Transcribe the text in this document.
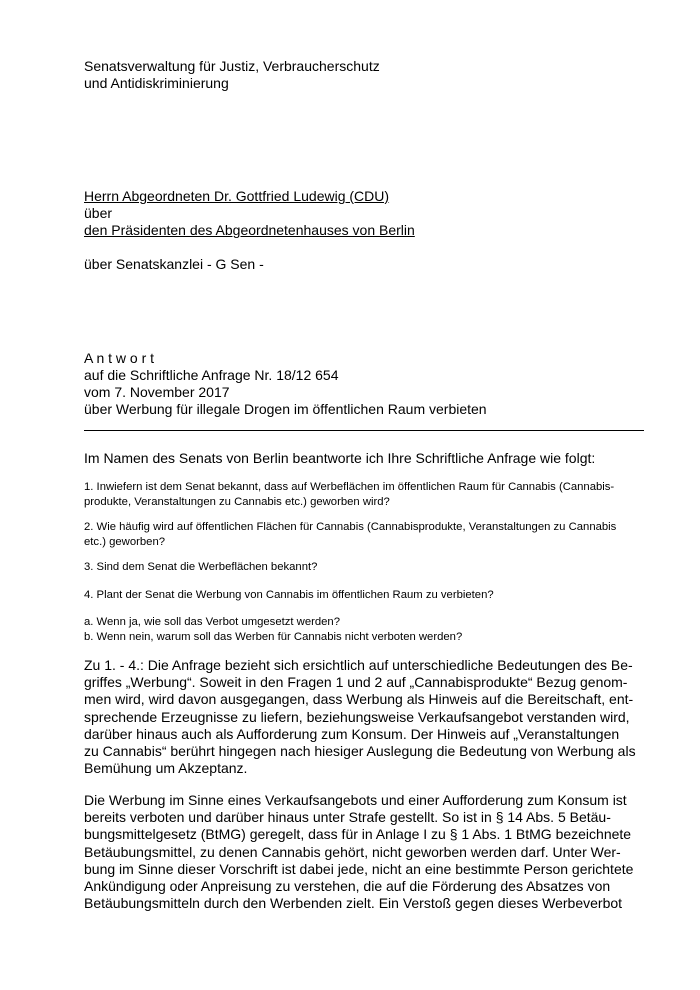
Senatsverwaltung für Justiz, Verbraucherschutz
und Antidiskriminierung

Herrn Abgeordneten Dr. Gottfried Ludewig (CDU)

über

den Präsidenten des Abgeordnetenhauses von Berlin

über Senatskanzlei - G Sen -

A n t w o r t

auf die Schriftliche Anfrage Nr. 18/12 654

vom 7. November 2017

über Werbung für illegale Drogen im öffentlichen Raum verbieten

Im Namen des Senats von Berlin beantworte ich Ihre Schriftliche Anfrage wie folgt:

1. Inwiefern ist dem Senat bekannt, dass auf Werbeflächen im öffentlichen Raum für Cannabis (Cannabis-
produkte, Veranstaltungen zu Cannabis etc.) geworben wird?

2. Wie häufig wird auf öffentlichen Flächen für Cannabis (Cannabisprodukte, Veranstaltungen zu Cannabis
etc.) geworben?

3. Sind dem Senat die Werbeflächen bekannt?

4. Plant der Senat die Werbung von Cannabis im öffentlichen Raum zu verbieten?

a. Wenn ja, wie soll das Verbot umgesetzt werden?
b. Wenn nein, warum soll das Werben für Cannabis nicht verboten werden?

Zu 1. - 4.: Die Anfrage bezieht sich ersichtlich auf unterschiedliche Bedeutungen des Be-
griffes „Werbung“. Soweit in den Fragen 1 und 2 auf „Cannabisprodukte“ Bezug genom-
men wird, wird davon ausgegangen, dass Werbung als Hinweis auf die Bereitschaft, ent-
sprechende Erzeugnisse zu liefern, beziehungsweise Verkaufsangebot verstanden wird,
darüber hinaus auch als Aufforderung zum Konsum. Der Hinweis auf „Veranstaltungen
zu Cannabis“ berührt hingegen nach hiesiger Auslegung die Bedeutung von Werbung als
Bemühung um Akzeptanz.

Die Werbung im Sinne eines Verkaufsangebots und einer Aufforderung zum Konsum ist
bereits verboten und darüber hinaus unter Strafe gestellt. So ist in § 14 Abs. 5 Betäu-
bungsmittelgesetz (BtMG) geregelt, dass für in Anlage I zu § 1 Abs. 1 BtMG bezeichnete
Betäubungsmittel, zu denen Cannabis gehört, nicht geworben werden darf. Unter Wer-
bung im Sinne dieser Vorschrift ist dabei jede, nicht an eine bestimmte Person gerichtete
Ankündigung oder Anpreisung zu verstehen, die auf die Förderung des Absatzes von
Betäubungsmitteln durch den Werbenden zielt. Ein Verstoß gegen dieses Werbeverbot
